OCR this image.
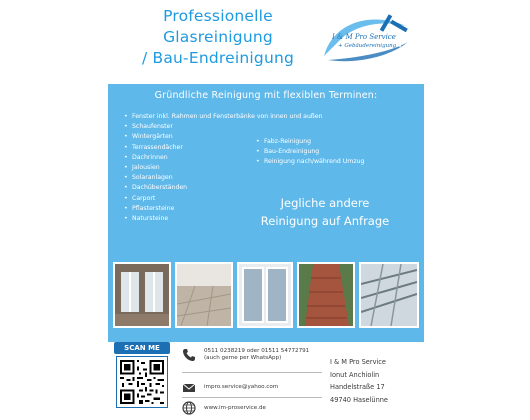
Professionelle
Glasreinigung
/ Bau-Endreinigung
I & M Pro Service
+ Gebäudereinigung
Gründliche Reinigung mit flexiblen Terminen:
• Fenster inkl. Rahmen und Fensterbänke von innen und außen
• Schaufenster
• Wintergärten
• Terrassendächer
• Dachrinnen
• Jalousien
• Solaranlagen
• Dachüberständen
• Carport
• Pflastersteine
• Natursteine
• Fabz-Reinigung
• Bau-Endreinigung
• Reinigung nach/während Umzug
Jegliche andere
Reinigung auf Anfrage
SCAN ME	0511 0238219 oder 01511 54772791
(auch gerne per WhatsApp)
impro.service@yahoo.com
www.im-proservice.de
I & M Pro Service
Ionut Anchiolin
Handelstraße 17
49740 Haselünne
